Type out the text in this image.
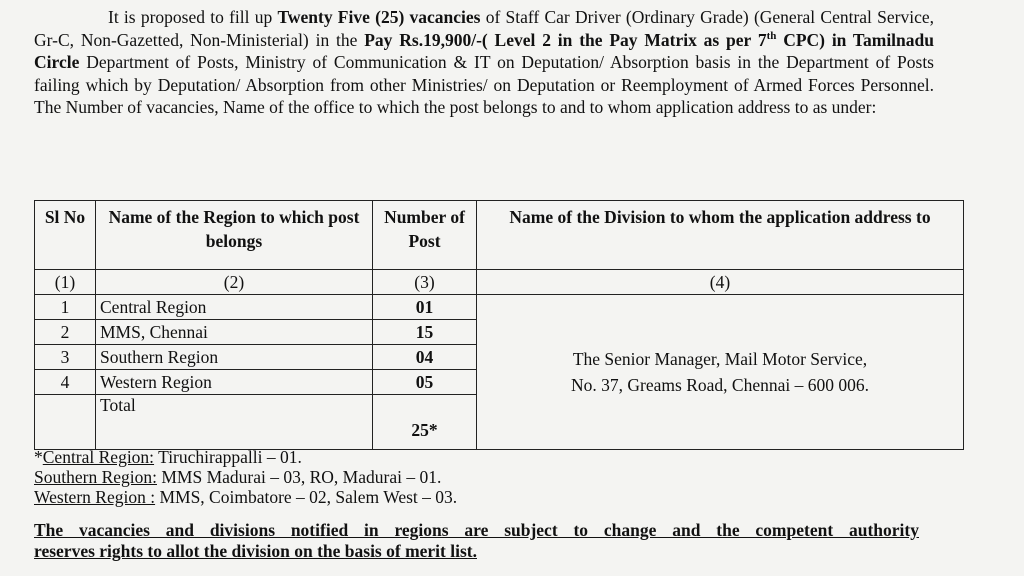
It is proposed to fill up Twenty Five (25) vacancies of Staff Car Driver (Ordinary Grade) (General Central Service, Gr-C, Non-Gazetted, Non-Ministerial) in the Pay Rs.19,900/-( Level 2 in the Pay Matrix as per 7th CPC) in Tamilnadu Circle Department of Posts, Ministry of Communication & IT on Deputation/ Absorption basis in the Department of Posts failing which by Deputation/ Absorption from other Ministries/ on Deputation or Reemployment of Armed Forces Personnel. The Number of vacancies, Name of the office to which the post belongs to and to whom application address to as under:
Sl No	Name of the Region to which post belongs	Number of Post	Name of the Division to whom the application address to
(1)	(2)	(3)	(4)
1	Central Region	01	The Senior Manager, Mail Motor Service,
No. 37, Greams Road, Chennai – 600 006.

2	MMS, Chennai	15	
3	Southern Region	04	
4	Western Region	05	
	Total	25*	
*Central Region: Tiruchirappalli – 01.
Southern Region: MMS Madurai – 03, RO, Madurai – 01.
Western Region : MMS, Coimbatore – 02, Salem West – 03.
The vacancies and divisions notified in regions are subject to change and the competent authority
reserves rights to allot the division on the basis of merit list.
